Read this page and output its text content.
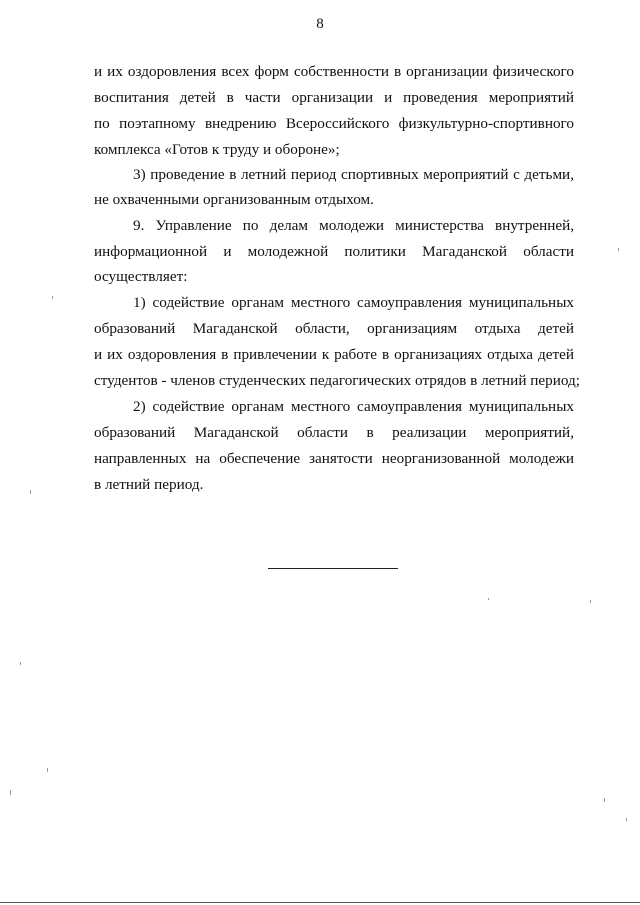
8
и их оздоровления всех форм собственности в организации физического
воспитания детей в части организации и проведения мероприятий
по поэтапному внедрению Всероссийского физкультурно-спортивного
комплекса «Готов к труду и обороне»;
3) проведение в летний период спортивных мероприятий с детьми,
не охваченными организованным отдыхом.
9. Управление по делам молодежи министерства внутренней,
информационной и молодежной политики Магаданской области
осуществляет:
1) содействие органам местного самоуправления муниципальных
образований Магаданской области, организациям отдыха детей
и их оздоровления в привлечении к работе в организациях отдыха детей
студентов - членов студенческих педагогических отрядов в летний период;
2) содействие органам местного самоуправления муниципальных
образований Магаданской области в реализации мероприятий,
направленных на обеспечение занятости неорганизованной молодежи
в летний период.
